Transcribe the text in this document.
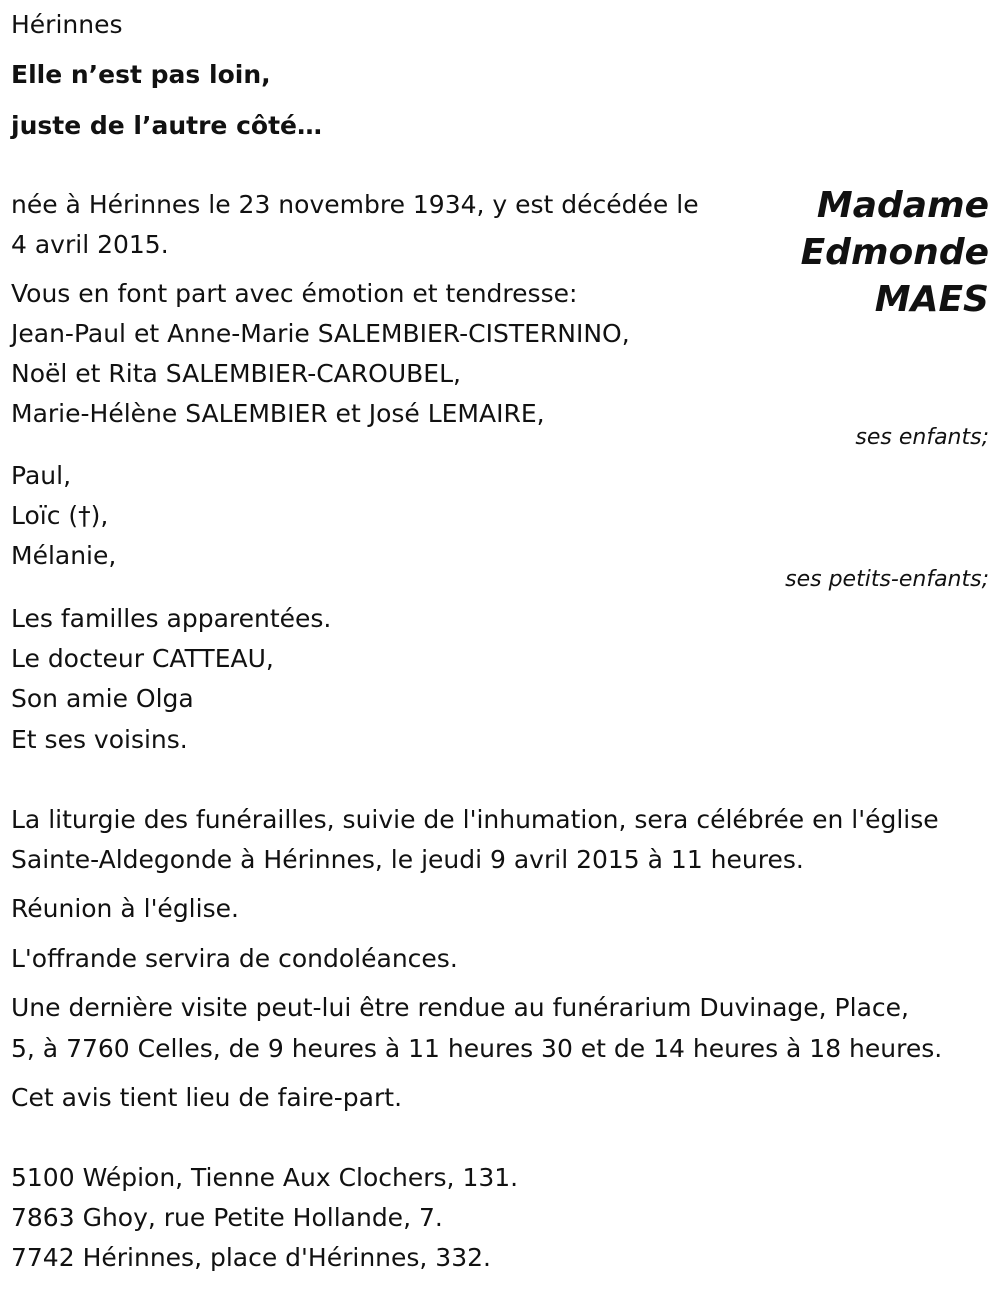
Hérinnes
Elle n’est pas loin,
juste de l’autre côté…
Madame
Edmonde
MAES
née à Hérinnes le 23 novembre 1934, y est décédée le
4 avril 2015.
Vous en font part avec émotion et tendresse:
Jean-Paul et Anne-Marie SALEMBIER-CISTERNINO,
Noël et Rita SALEMBIER-CAROUBEL,
Marie-Hélène SALEMBIER et José LEMAIRE,
ses enfants;
Paul,
Loïc (†),
Mélanie,
ses petits-enfants;
Les familles apparentées.
Le docteur CATTEAU,
Son amie Olga
Et ses voisins.
La liturgie des funérailles, suivie de l'inhumation, sera célébrée en l'église
Sainte-Aldegonde à Hérinnes, le jeudi 9 avril 2015 à 11 heures.
Réunion à l'église.
L'offrande servira de condoléances.
Une dernière visite peut-lui être rendue au funérarium Duvinage, Place,
5, à 7760 Celles, de 9 heures à 11 heures 30 et de 14 heures à 18 heures.
Cet avis tient lieu de faire-part.
5100 Wépion, Tienne Aux Clochers, 131.
7863 Ghoy, rue Petite Hollande, 7.
7742 Hérinnes, place d'Hérinnes, 332.
